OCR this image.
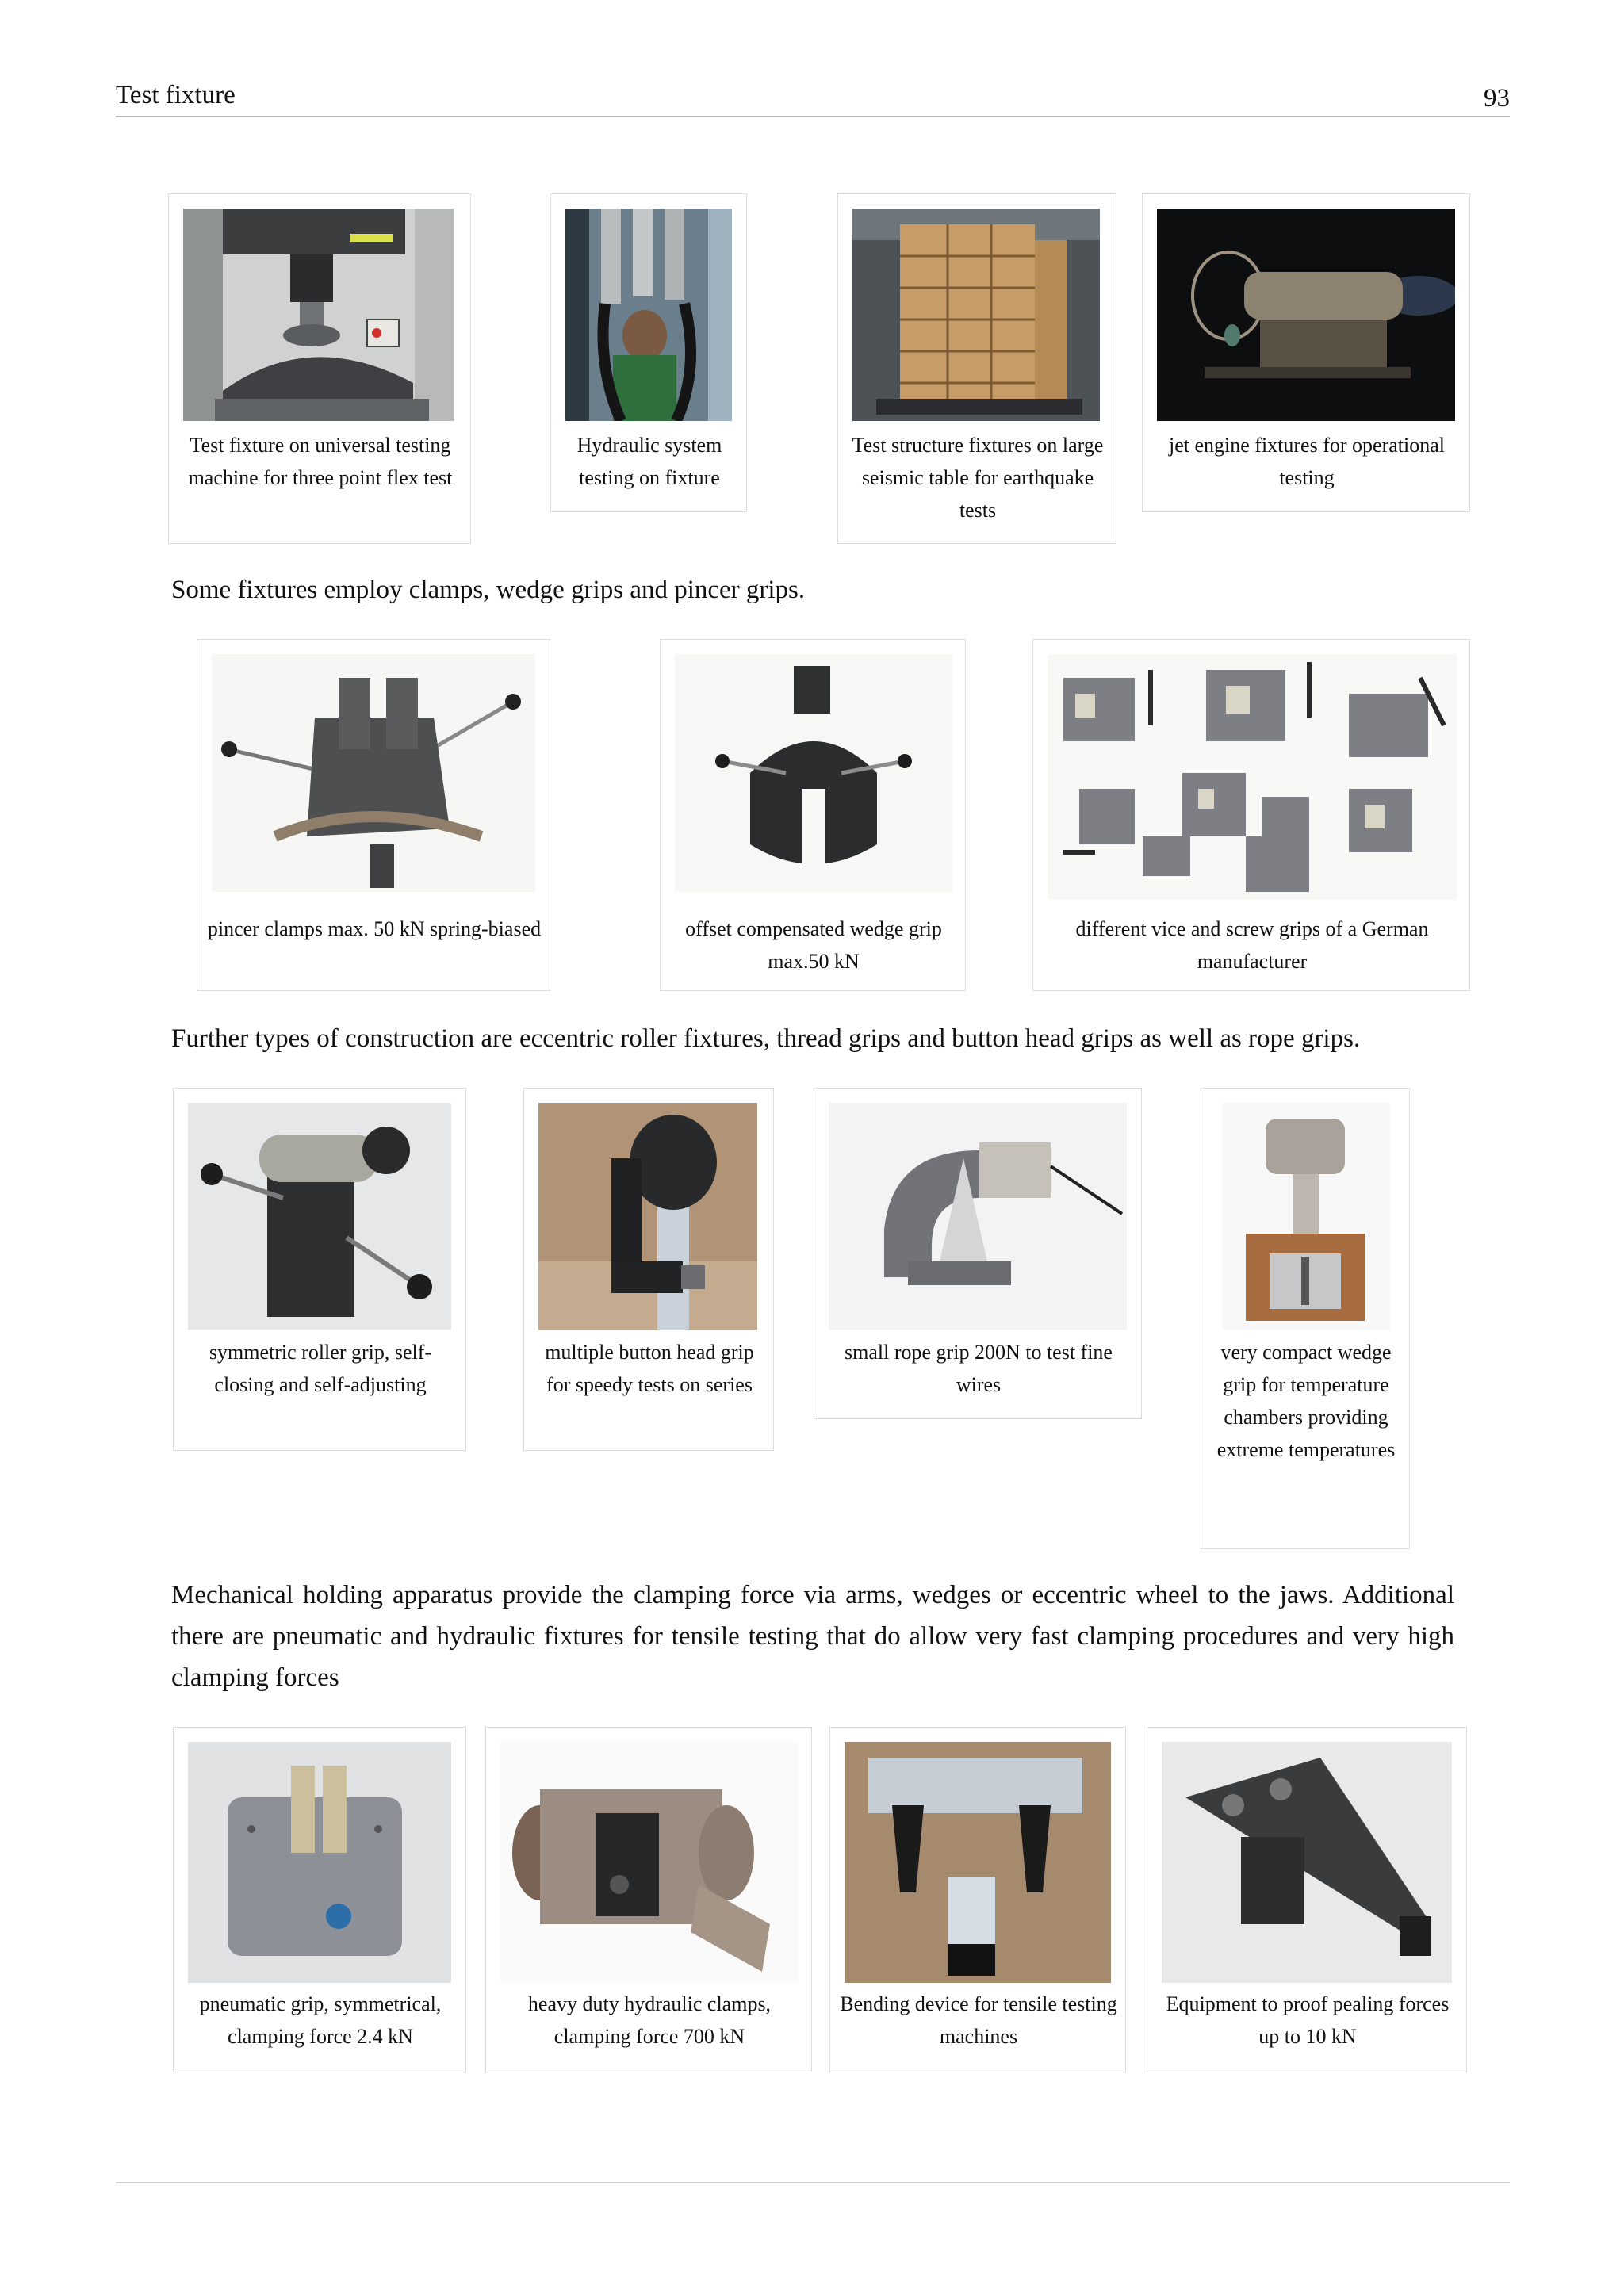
Test fixture	93
Test fixture on universal testing machine for three point flex test
Hydraulic system testing on fixture
Test structure fixtures on large seismic table for earthquake tests
jet engine fixtures for operational testing
Some fixtures employ clamps, wedge grips and pincer grips.
pincer clamps max. 50 kN spring-biased	offset compensated wedge grip max.50 kN
different vice and screw grips of a German manufacturer
Further types of construction are eccentric roller fixtures, thread grips and button head grips as well as rope grips.
symmetric roller grip, self-closing and self-adjusting
multiple button head grip for speedy tests on series
small rope grip 200N to test fine wires
very compact wedge grip for temperature chambers providing extreme temperatures
Mechanical holding apparatus provide the clamping force via arms, wedges or eccentric wheel to the jaws. Additional there are pneumatic and hydraulic fixtures for tensile testing that do allow very fast clamping procedures and very high clamping forces
pneumatic grip, symmetrical, clamping force 2.4 kN
heavy duty hydraulic clamps, clamping force 700 kN
Bending device for tensile testing machines
Equipment to proof pealing forces up to 10 kN
